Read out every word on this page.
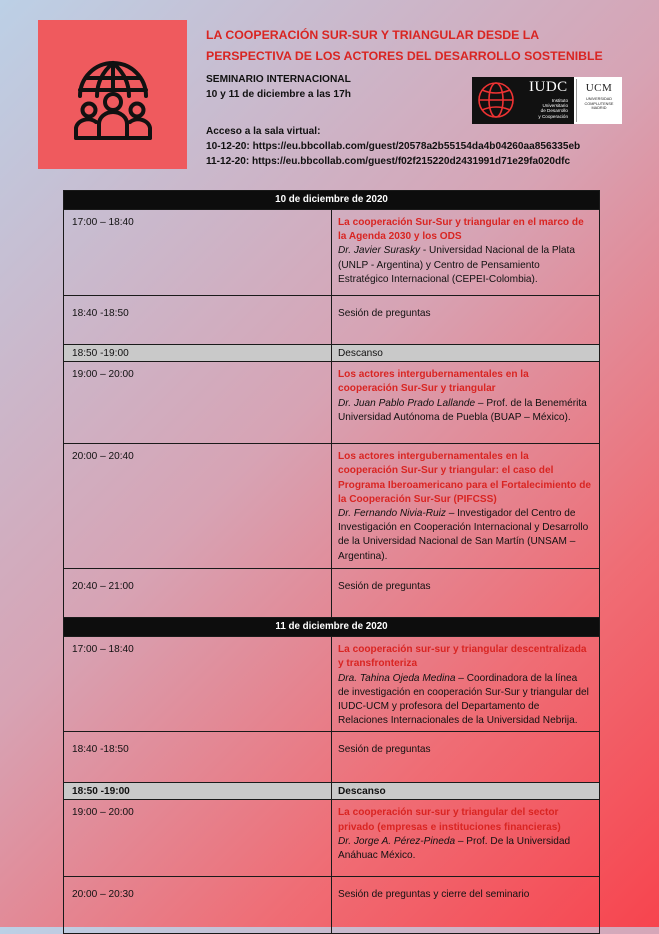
LA COOPERACIÓN SUR-SUR Y TRIANGULAR DESDE LA
PERSPECTIVA DE LOS ACTORES DEL DESARROLLO SOSTENIBLE
SEMINARIO INTERNACIONAL
10 y 11 de diciembre a las 17h	IUDC
Instituto
Universitario
de Desarrollo
y Cooperación
UCM
UNIVERSIDAD
COMPLUTENSE
MADRID
Acceso a la sala virtual:
10-12-20: https://eu.bbcollab.com/guest/20578a2b55154da4b04260aa856335eb
11-12-20: https://eu.bbcollab.com/guest/f02f215220d2431991d71e29fa020dfc
10 de diciembre de 2020	
17:00 – 18:40	La cooperación Sur-Sur y triangular en el marco de la Agenda 2030 y los ODS
Dr. Javier Surasky - Universidad Nacional de la Plata (UNLP - Argentina) y Centro de Pensamiento Estratégico Internacional (CEPEI-Colombia).

18:40 -18:50	Sesión de preguntas
18:50 -19:00	Descanso
19:00 – 20:00	Los actores intergubernamentales en la cooperación Sur-Sur y triangular
Dr. Juan Pablo Prado Lallande – Prof. de la Benemérita Universidad Autónoma de Puebla (BUAP – México).

20:00 – 20:40	Los actores intergubernamentales en la cooperación Sur-Sur y triangular: el caso del Programa Iberoamericano para el Fortalecimiento de la Cooperación Sur-Sur (PIFCSS)
Dr. Fernando Nivia-Ruiz – Investigador del Centro de Investigación en Cooperación Internacional y Desarrollo de la Universidad Nacional de San Martín (UNSAM – Argentina).

20:40 – 21:00	Sesión de preguntas
11 de diciembre de 2020	
17:00 – 18:40	La cooperación sur-sur y triangular descentralizada y transfronteriza
Dra. Tahina Ojeda Medina – Coordinadora de la línea de investigación en cooperación Sur-Sur y triangular del IUDC-UCM y profesora del Departamento de Relaciones Internacionales de la Universidad Nebrija.

18:40 -18:50	Sesión de preguntas
18:50 -19:00	Descanso
19:00 – 20:00	La cooperación sur-sur y triangular del sector privado (empresas e instituciones financieras)
Dr. Jorge A. Pérez-Pineda – Prof. De la Universidad Anáhuac México.

20:00 – 20:30	Sesión de preguntas y cierre del seminario
